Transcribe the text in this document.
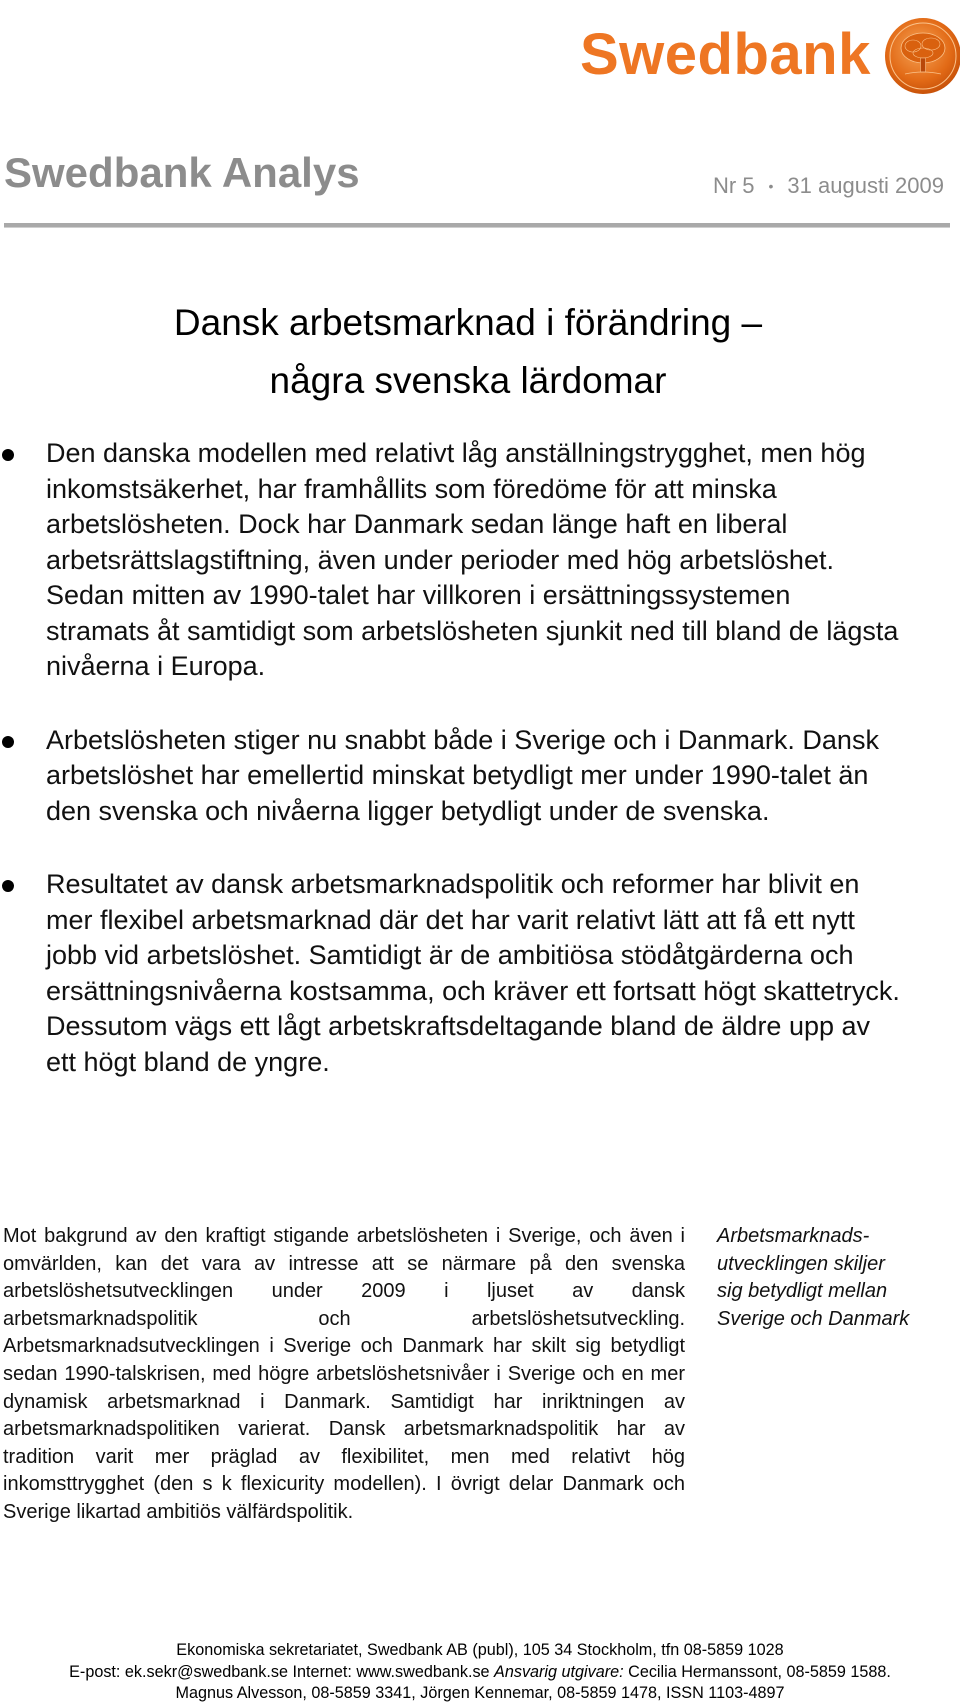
Swedbank
Swedbank Analys	Nr 5 • 31 augusti 2009
Dansk arbetsmarknad i förändring –
några svenska lärdomar
Den danska modellen med relativt låg anställningstrygghet, men hög inkomstsäkerhet, har framhållits som föredöme för att minska arbetslösheten. Dock har Danmark sedan länge haft en liberal arbetsrättslagstiftning, även under perioder med hög arbetslöshet. Sedan mitten av 1990-talet har villkoren i ersättningssystemen stramats åt samtidigt som arbetslösheten sjunkit ned till bland de lägsta nivåerna i Europa.
Arbetslösheten stiger nu snabbt både i Sverige och i Danmark. Dansk arbetslöshet har emellertid minskat betydligt mer under 1990-talet än den svenska och nivåerna ligger betydligt under de svenska.
Resultatet av dansk arbetsmarknadspolitik och reformer har blivit en mer flexibel arbetsmarknad där det har varit relativt lätt att få ett nytt jobb vid arbetslöshet. Samtidigt är de ambitiösa stödåtgärderna och ersättningsnivåerna kostsamma, och kräver ett fortsatt högt skattetryck. Dessutom vägs ett lågt arbetskraftsdeltagande bland de äldre upp av ett högt bland de yngre.
Mot bakgrund av den kraftigt stigande arbetslösheten i Sverige, och även i omvärlden, kan det vara av intresse att se närmare på den svenska arbetslöshetsutvecklingen under 2009 i ljuset av dansk arbetsmarknadspolitik och arbetslöshetsutveckling. Arbetsmarknadsutvecklingen i Sverige och Danmark har skilt sig betydligt sedan 1990-talskrisen, med högre arbetslöshetsnivåer i Sverige och en mer dynamisk arbetsmarknad i Danmark. Samtidigt har inriktningen av arbetsmarknadspolitiken varierat. Dansk arbetsmarknadspolitik har av tradition varit mer präglad av flexibilitet, men med relativt hög inkomsttrygghet (den s k flexicurity modellen). I övrigt delar Danmark och Sverige likartad ambitiös välfärdspolitik.
Arbetsmarknads-
utvecklingen skiljer
sig betydligt mellan
Sverige och Danmark
Ekonomiska sekretariatet, Swedbank AB (publ), 105 34 Stockholm, tfn 08-5859 1028
E-post: ek.sekr@swedbank.se Internet: www.swedbank.se Ansvarig utgivare: Cecilia Hermanssont, 08-5859 1588.
Magnus Alvesson, 08-5859 3341, Jörgen Kennemar, 08-5859 1478, ISSN 1103-4897
